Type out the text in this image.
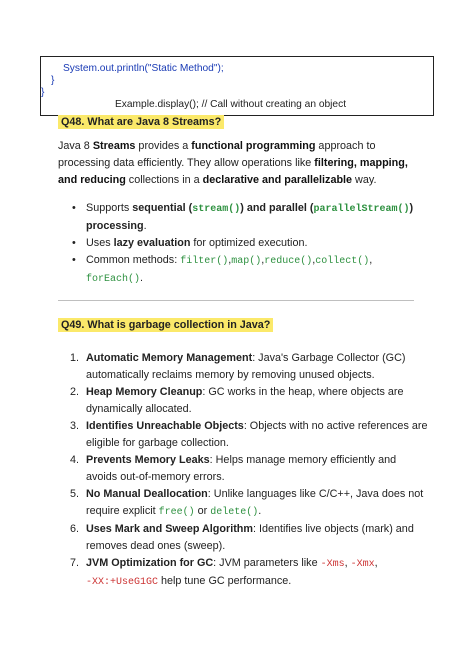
System.out.println("Static Method");
}
}
Example.display(); // Call without creating an object
Q48. What are Java 8 Streams?
Java 8 Streams provides a functional programming approach to processing data efficiently. They allow operations like filtering, mapping, and reducing collections in a declarative and parallelizable way.
• Supports sequential (stream()) and parallel (parallelStream())
processing.
• Uses lazy evaluation for optimized execution.
• Common methods: filter(),map(),reduce(),collect(),
forEach().
Q49. What is garbage collection in Java?
1. Automatic Memory Management: Java's Garbage Collector (GC) automatically reclaims memory by removing unused objects.
2. Heap Memory Cleanup: GC works in the heap, where objects are dynamically allocated.
3. Identifies Unreachable Objects: Objects with no active references are eligible for garbage collection.
4. Prevents Memory Leaks: Helps manage memory efficiently and avoids out-of-memory errors.
5. No Manual Deallocation: Unlike languages like C/C++, Java does not require explicit free() or delete().
6. Uses Mark and Sweep Algorithm: Identifies live objects (mark) and removes dead ones (sweep).
7. JVM Optimization for GC: JVM parameters like -Xms, -Xmx,
-XX:+UseG1GC help tune GC performance.
